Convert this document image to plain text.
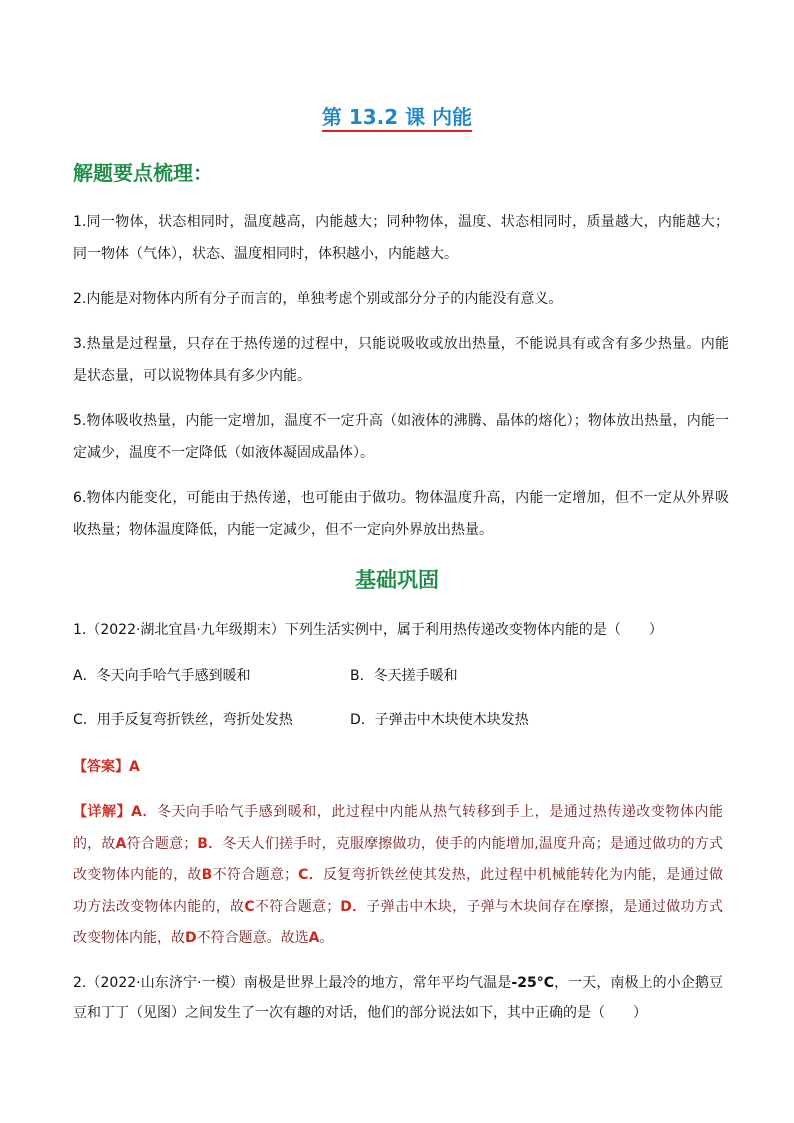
第 13.2 课 内能
解题要点梳理：

1.同一物体，状态相同时，温度越高，内能越大；同种物体，温度、状态相同时，质量越大，内能越大；同一物体（气体），状态、温度相同时，体积越小，内能越大。

2.内能是对物体内所有分子而言的，单独考虑个别或部分分子的内能没有意义。

3.热量是过程量，只存在于热传递的过程中，只能说吸收或放出热量，不能说具有或含有多少热量。内能是状态量，可以说物体具有多少内能。

5.物体吸收热量，内能一定增加，温度不一定升高（如液体的沸腾、晶体的熔化）；物体放出热量，内能一定减少，温度不一定降低（如液体凝固成晶体）。

6.物体内能变化，可能由于热传递，也可能由于做功。物体温度升高，内能一定增加，但不一定从外界吸收热量；物体温度降低，内能一定减少，但不一定向外界放出热量。

基础巩固
1.（2022·湖北宜昌·九年级期末）下列生活实例中，属于利用热传递改变物体内能的是（　　）
A．冬天向手哈气手感到暖和	B．冬天搓手暖和
C．用手反复弯折铁丝，弯折处发热	D．子弹击中木块使木块发热
【答案】A
【详解】A．冬天向手哈气手感到暖和，此过程中内能从热气转移到手上，是通过热传递改变物体内能的，故A符合题意；B．冬天人们搓手时，克服摩擦做功，使手的内能增加,温度升高；是通过做功的方式改变物体内能的，故B不符合题意；C．反复弯折铁丝使其发热，此过程中机械能转化为内能，是通过做功方法改变物体内能的，故C不符合题意；D．子弹击中木块，子弹与木块间存在摩擦，是通过做功方式改变物体内能，故D不符合题意。故选A。
2.（2022·山东济宁·一模）南极是世界上最冷的地方，常年平均气温是-25°C，一天，南极上的小企鹅豆豆和丁丁（见图）之间发生了一次有趣的对话，他们的部分说法如下，其中正确的是（　　）
